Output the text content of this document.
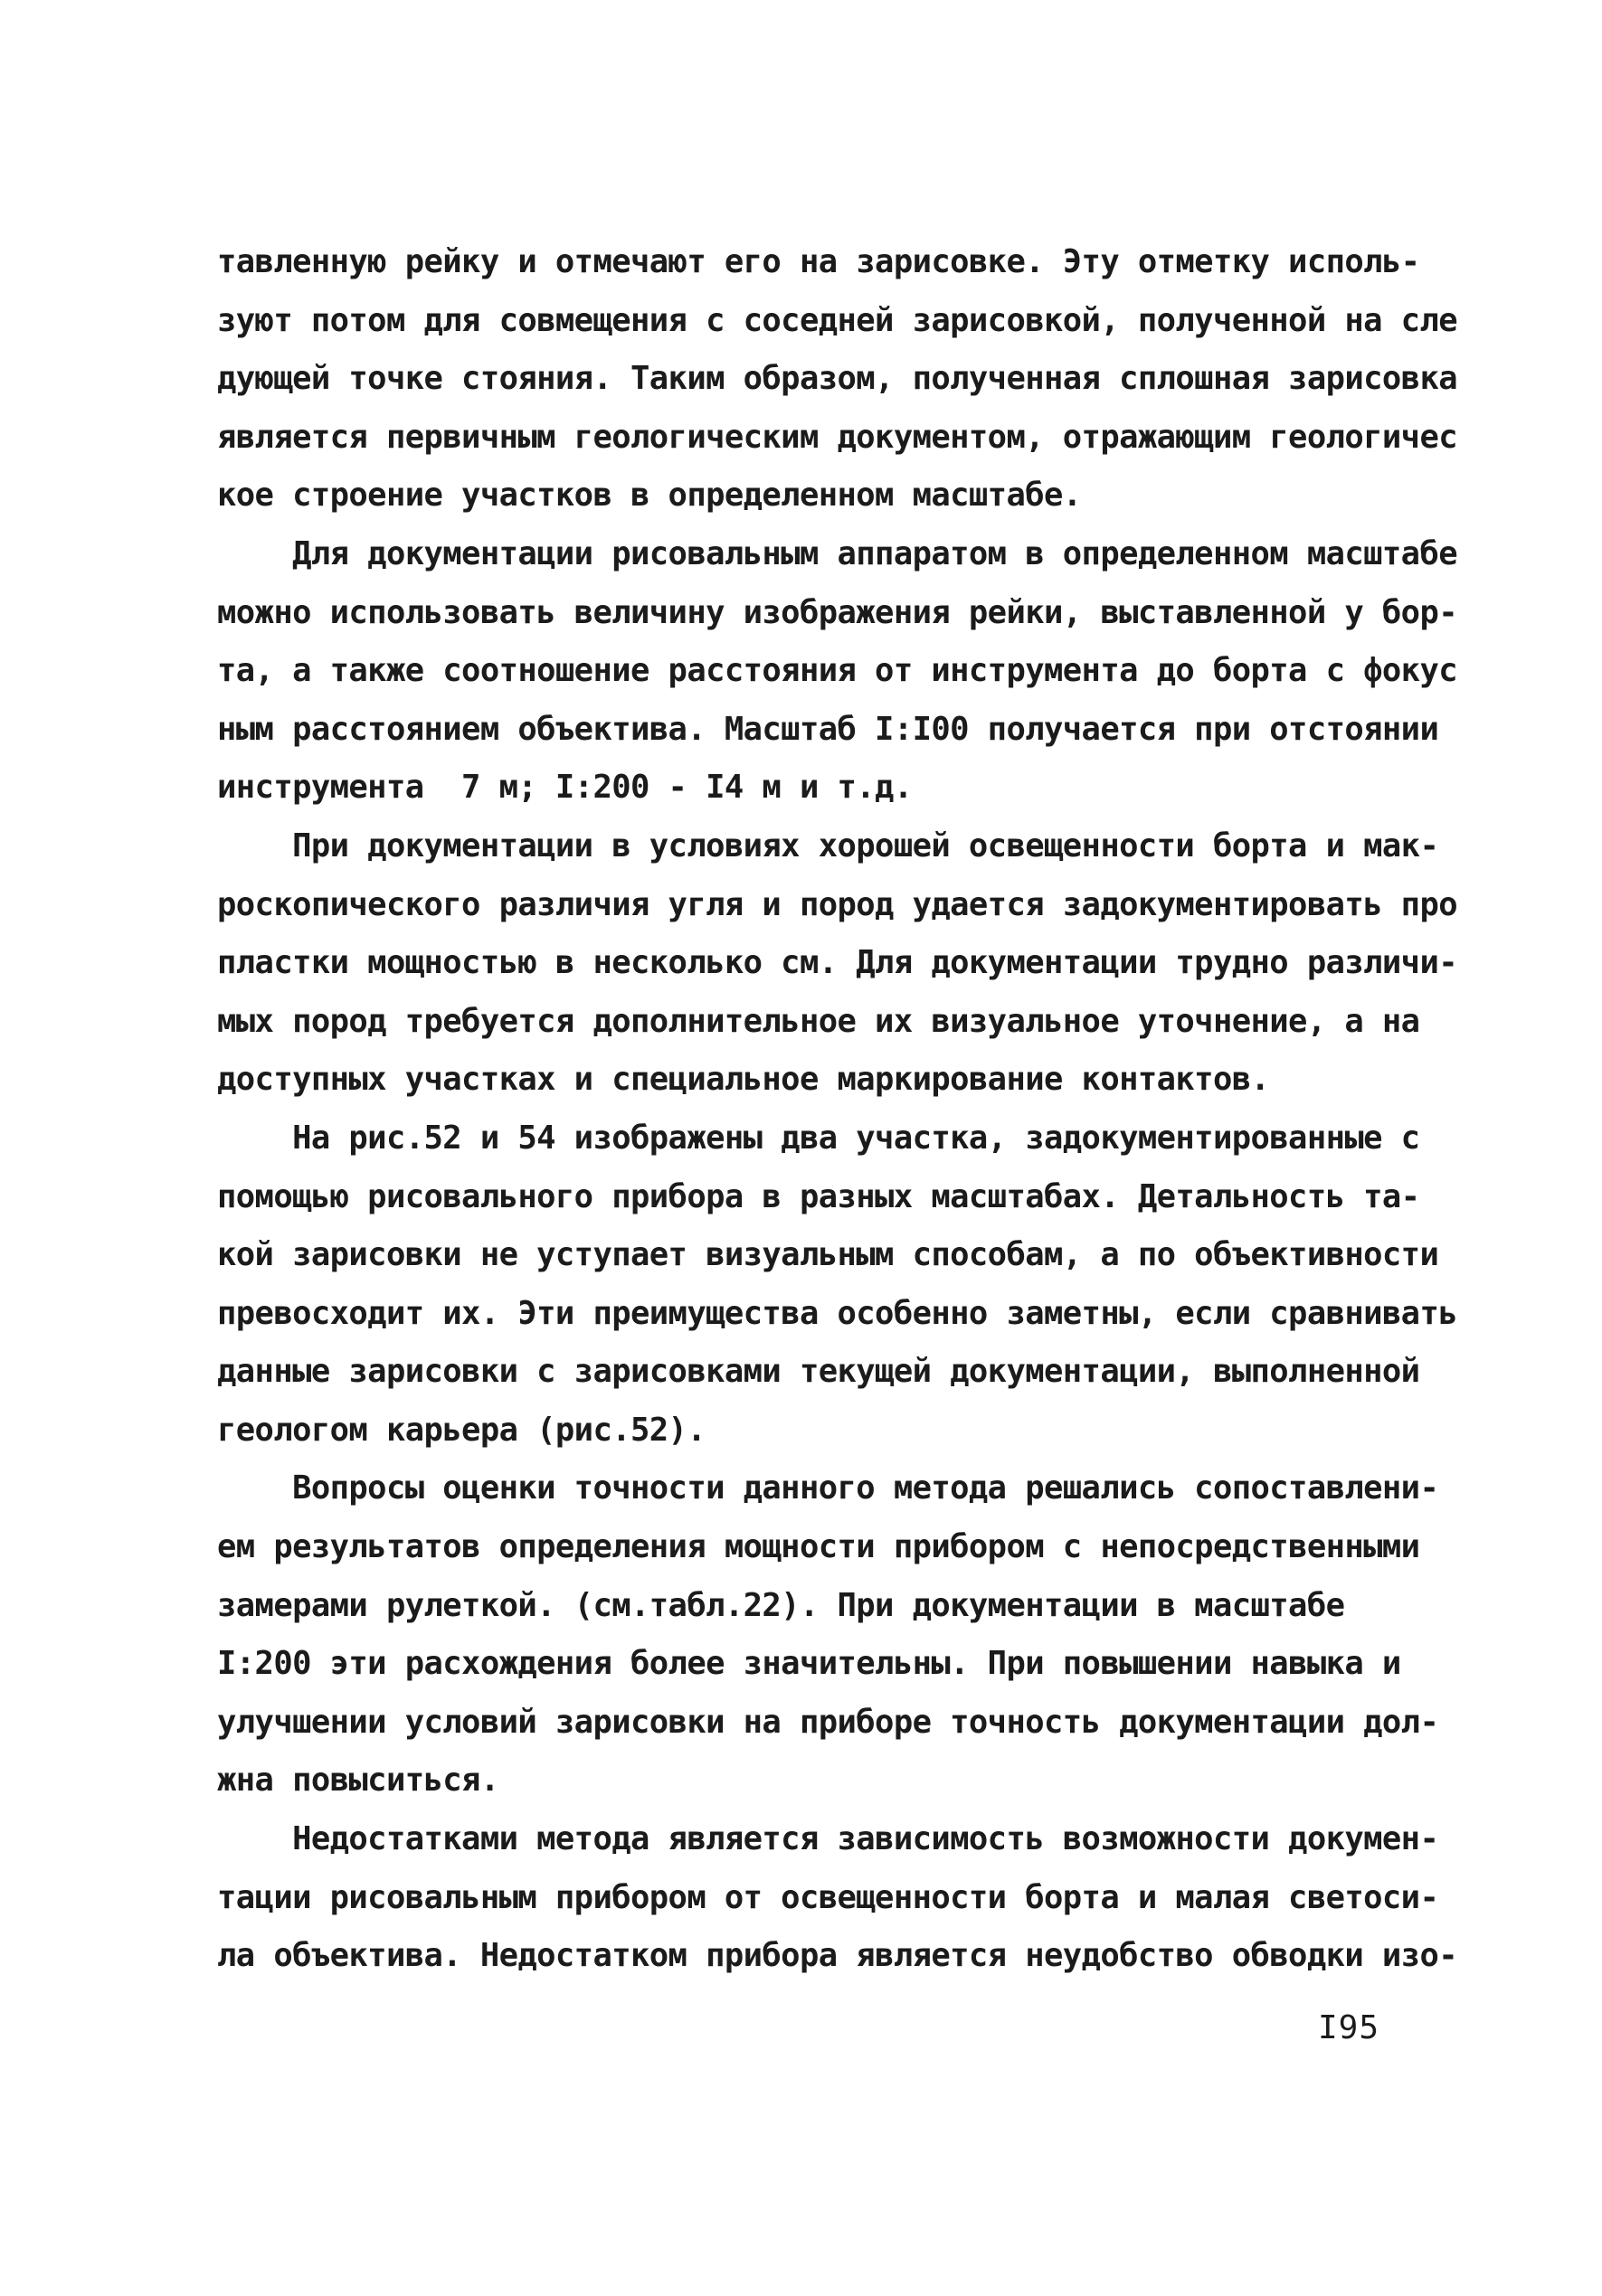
тавленную рейку и отмечают его на зарисовке. Эту отметку исполь-
зуют потом для совмещения с соседней зарисовкой, полученной на сле
дующей точке стояния. Таким образом, полученная сплошная зарисовка
является первичным геологическим документом, отражающим геологичес
кое строение участков в определенном масштабе.
Для документации рисовальным аппаратом в определенном масштабе
можно использовать величину изображения рейки, выставленной у бор-
та, а также соотношение расстояния от инструмента до борта с фокус
ным расстоянием объектива. Масштаб I:I00 получается при отстоянии
инструмента  7 м; I:200 - I4 м и т.д.
При документации в условиях хорошей освещенности борта и мак-
роскопического различия угля и пород удается задокументировать про
пластки мощностью в несколько см. Для документации трудно различи-
мых пород требуется дополнительное их визуальное уточнение, а на
доступных участках и специальное маркирование контактов.
На рис.52 и 54 изображены два участка, задокументированные с
помощью рисовального прибора в разных масштабах. Детальность та-
кой зарисовки не уступает визуальным способам, а по объективности
превосходит их. Эти преимущества особенно заметны, если сравнивать
данные зарисовки с зарисовками текущей документации, выполненной
геологом карьера (рис.52).
Вопросы оценки точности данного метода решались сопоставлени-
ем результатов определения мощности прибором с непосредственными
замерами рулеткой. (см.табл.22). При документации в масштабе
I:200 эти расхождения более значительны. При повышении навыка и
улучшении условий зарисовки на приборе точность документации дол-
жна повыситься.
Недостатками метода является зависимость возможности докумен-
тации рисовальным прибором от освещенности борта и малая светоси-
ла объектива. Недостатком прибора является неудобство обводки изо-
I95
